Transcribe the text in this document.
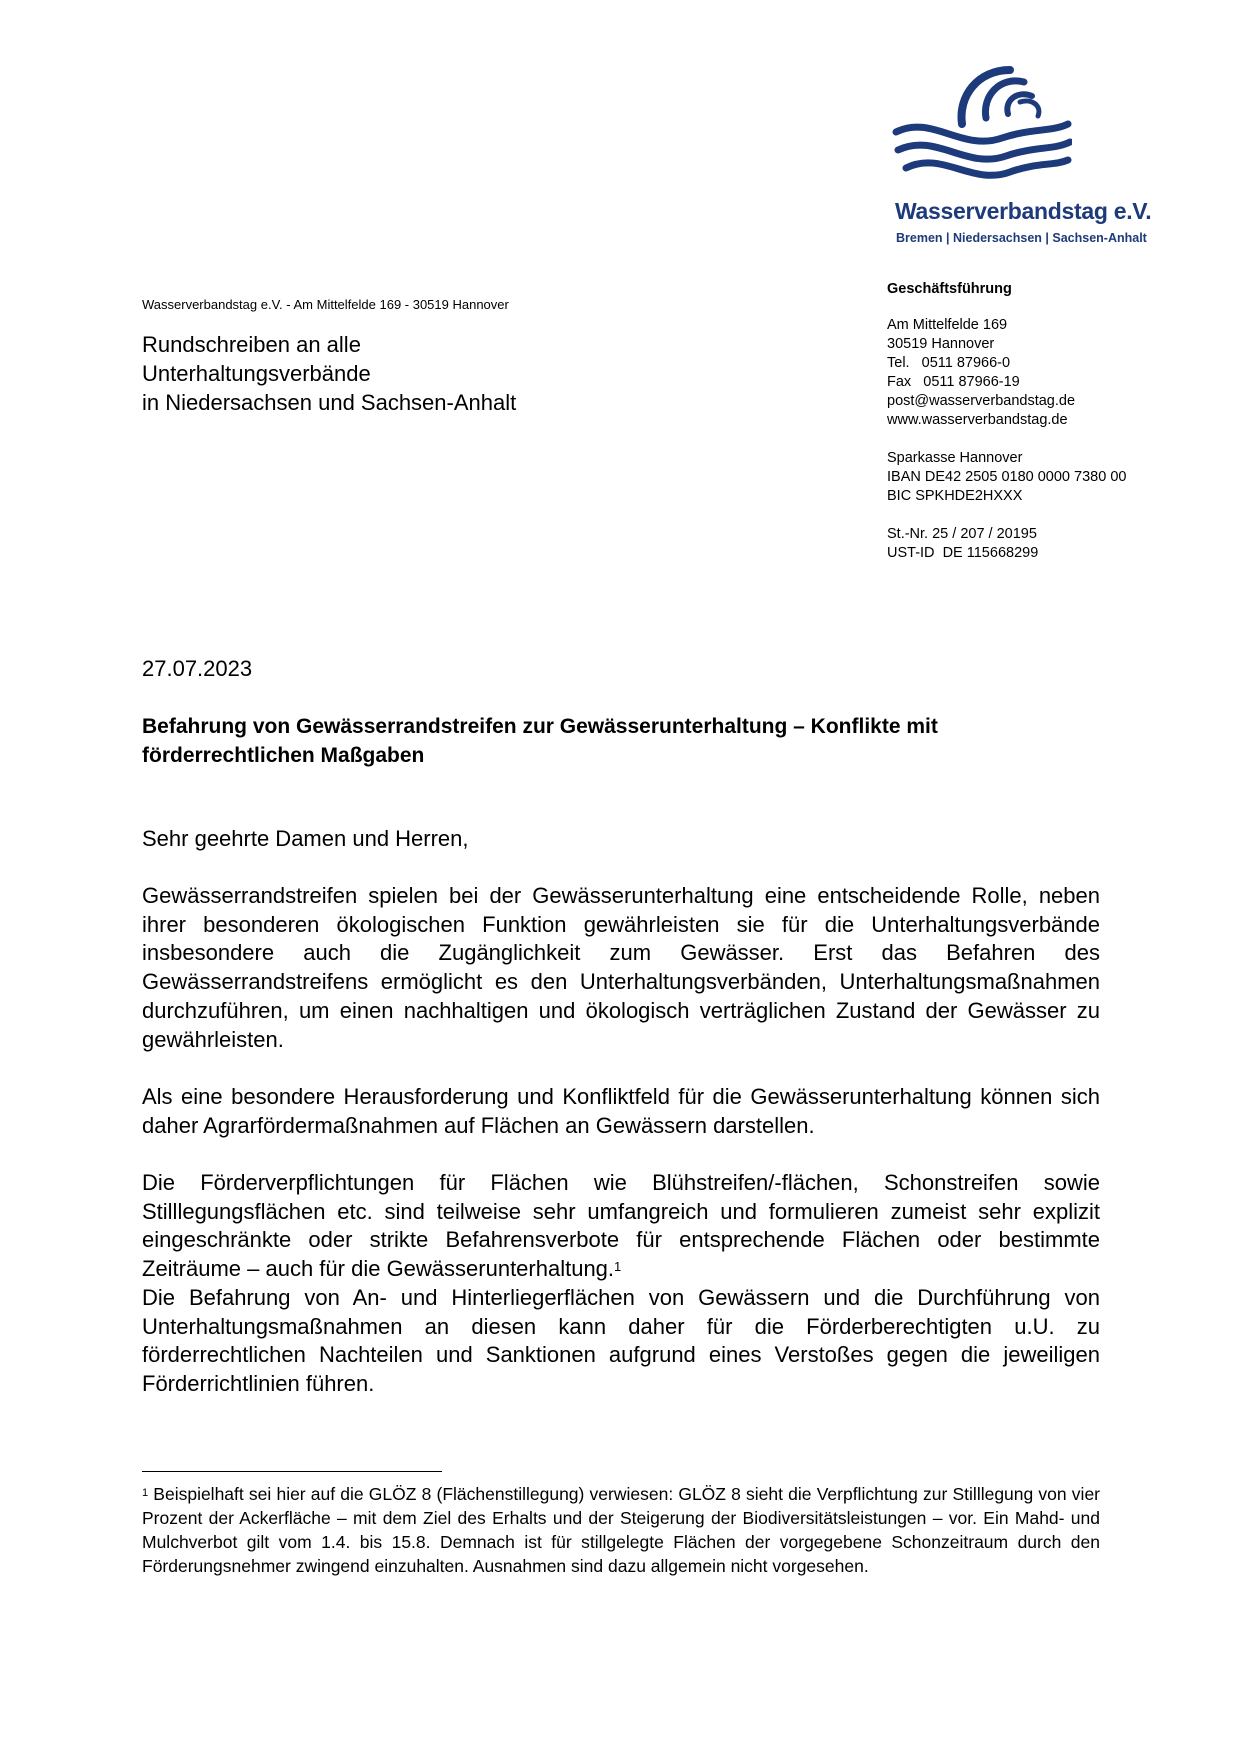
Wasserverbandstag e.V.
Bremen | Niedersachsen | Sachsen-Anhalt
Wasserverbandstag e.V. - Am Mittelfelde 169 - 30519 Hannover
Rundschreiben an alle
Unterhaltungsverbände
in Niedersachsen und Sachsen-Anhalt
Geschäftsführung
Am Mittelfelde 169
30519 Hannover
Tel.   0511 87966-0
Fax   0511 87966-19
post@wasserverbandstag.de
www.wasserverbandstag.de
Sparkasse Hannover
IBAN DE42 2505 0180 0000 7380 00
BIC SPKHDE2HXXX
St.-Nr. 25 / 207 / 20195
UST-ID  DE 115668299
27.07.2023
Befahrung von Gewässerrandstreifen zur Gewässerunterhaltung – Konflikte mit förderrechtlichen Maßgaben
Sehr geehrte Damen und Herren,

Gewässerrandstreifen spielen bei der Gewässerunterhaltung eine entscheidende Rolle, neben ihrer besonderen ökologischen Funktion gewährleisten sie für die Unterhaltungsverbände insbesondere auch die Zugänglichkeit zum Gewässer. Erst das Befahren des Gewässerrandstreifens ermöglicht es den Unterhaltungsverbänden, Unterhaltungsmaßnahmen durchzuführen, um einen nachhaltigen und ökologisch verträglichen Zustand der Gewässer zu gewährleisten.

Als eine besondere Herausforderung und Konfliktfeld für die Gewässerunterhaltung können sich daher Agrarfördermaßnahmen auf Flächen an Gewässern darstellen.

Die Förderverpflichtungen für Flächen wie Blühstreifen/-flächen, Schonstreifen sowie Stilllegungsflächen etc. sind teilweise sehr umfangreich und formulieren zumeist sehr explizit eingeschränkte oder strikte Befahrensverbote für entsprechende Flächen oder bestimmte Zeiträume – auch für die Gewässerunterhaltung.$^1$

Die Befahrung von An- und Hinterliegerflächen von Gewässern und die Durchführung von Unterhaltungsmaßnahmen an diesen kann daher für die Förderberechtigten u.U. zu förderrechtlichen Nachteilen und Sanktionen aufgrund eines Verstoßes gegen die jeweiligen Förderrichtlinien führen.

$^1$ Beispielhaft sei hier auf die GLÖZ 8 (Flächenstillegung) verwiesen: GLÖZ 8 sieht die Verpflichtung zur Stilllegung von vier Prozent der Ackerfläche – mit dem Ziel des Erhalts und der Steigerung der Biodiversitätsleistungen – vor. Ein Mahd- und Mulchverbot gilt vom 1.4. bis 15.8. Demnach ist für stillgelegte Flächen der vorgegebene Schonzeitraum durch den Förderungsnehmer zwingend einzuhalten. Ausnahmen sind dazu allgemein nicht vorgesehen.
